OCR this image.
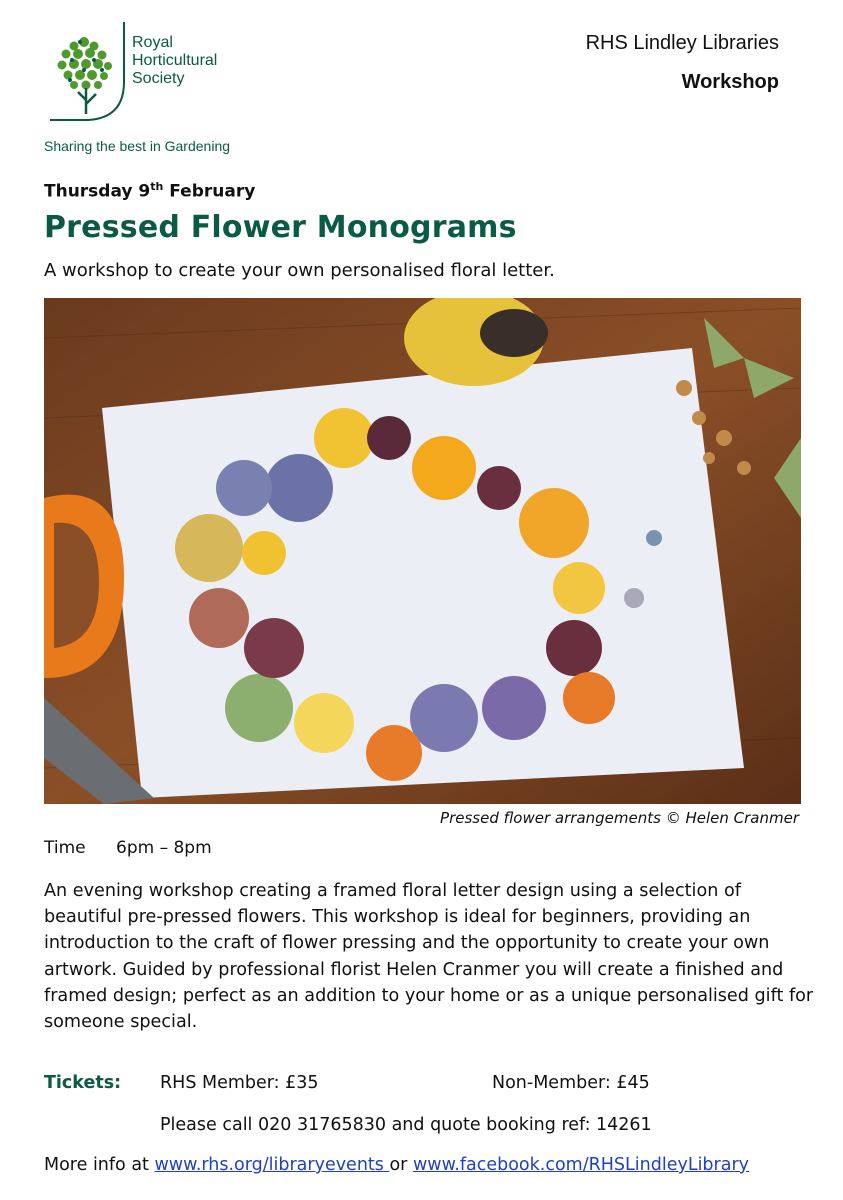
Royal
Horticultural
Society
Sharing the best in Gardening
RHS Lindley Libraries
Workshop
Thursday 9th February
Pressed Flower Monograms
A workshop to create your own personalised floral letter.
Pressed flower arrangements © Helen Cranmer
Time 6pm – 8pm
An evening workshop creating a framed floral letter design using a selection of beautiful pre-pressed flowers. This workshop is ideal for beginners, providing an introduction to the craft of flower pressing and the opportunity to create your own artwork. Guided by professional florist Helen Cranmer you will create a finished and framed design; perfect as an addition to your home or as a unique personalised gift for someone special.
Tickets: RHS Member: £35	Non-Member: £45
Please call 020 31765830 and quote booking ref: 14261
More info at www.rhs.org/libraryevents or www.facebook.com/RHSLindleyLibrary
